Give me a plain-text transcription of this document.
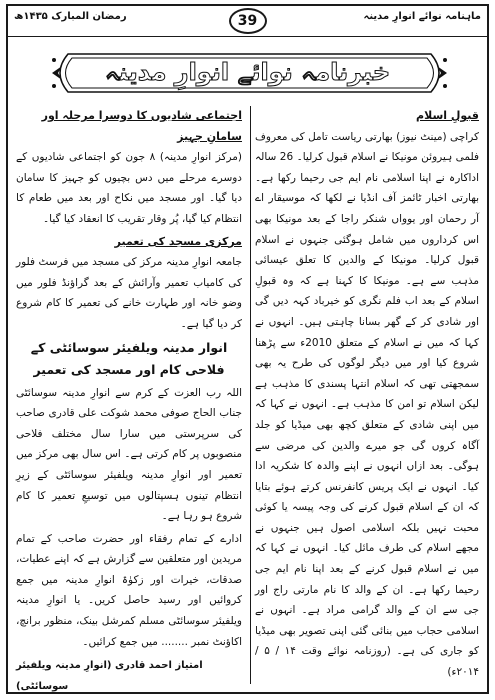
رمضان المبارک ۱۴۳۵ھ	39	ماہنامہ نوائے انوارِ مدینہ
خبرنامہ نوائے انوارِ مدینہ
قبولِ اسلام

کراچی (مینٹ نیوز) بھارتی ریاست تامل کی معروف فلمی ہیروئن مونیکا نے اسلام قبول کرلیا۔ 26 سالہ اداکارہ نے اپنا اسلامی نام ایم جی رحیما رکھا ہے۔ بھارتی اخبار ٹائمز آف انڈیا نے لکھا کہ موسیقار اے آر رحمان اور یوواں شنکر راجا کے بعد مونیکا بھی اس کرداروں میں شامل ہوگئی جنہوں نے اسلام قبول کرلیا۔ مونیکا کے والدین کا تعلق عیسائی مذہب سے ہے۔ مونیکا کا کہنا ہے کہ وہ قبولِ اسلام کے بعد اب فلم نگری کو خیرباد کہہ دیں گی اور شادی کر کے گھر بسانا چاہتی ہیں۔ انہوں نے کہا کہ میں نے اسلام کے متعلق 2010ء سے پڑھنا شروع کیا اور میں دیگر لوگوں کی طرح یہ بھی سمجھتی تھی کہ اسلام انتہا پسندی کا مذہب ہے لیکن اسلام تو امن کا مذہب ہے۔ انہوں نے کہا کہ میں اپنی شادی کے متعلق کچھ بھی میڈیا کو جلد آگاہ کروں گی جو میرے والدین کی مرضی سے ہوگی۔ بعد ازاں انہوں نے اپنے والدہ کا شکریہ ادا کیا۔ انہوں نے ایک پریس کانفرنس کرتے ہوئے بتایا کہ ان کے اسلام قبول کرنے کی وجہ پیسہ یا کوئی محبت نہیں بلکہ اسلامی اصول ہیں جنہوں نے مجھے اسلام کی طرف مائل کیا۔ انہوں نے کہا کہ میں نے اسلام قبول کرنے کے بعد اپنا نام ایم جی رحیما رکھا ہے۔ ان کے والد کا نام مارتی راج اور جی سے ان کے والد گرامی مراد ہے۔ انہوں نے اسلامی حجاب میں بنائی گئی اپنی تصویر بھی میڈیا کو جاری کی ہے۔ (روزنامہ نوائے وقت ۱۴ / ۵ / ۲۰۱۴ء)

اجتماعی شادیوں کا دوسرا مرحلہ اور سامانِ جہیز

(مرکز انوارِ مدینہ) ۸ جون کو اجتماعی شادیوں کے دوسرے مرحلے میں دس بچیوں کو جہیز کا سامان دیا گیا۔ اور مسجد میں نکاح اور بعد میں طعام کا انتظام کیا گیا، پُر وقار تقریب کا انعقاد کیا گیا۔

مرکزی مسجد کی تعمیر

جامعہ انوارِ مدینہ مرکز کی مسجد میں فرسٹ فلور کی کامیاب تعمیر وآرائش کے بعد گراؤنڈ فلور میں وضو خانہ اور طہارت خانے کی تعمیر کا کام شروع کر دیا گیا ہے۔

انوار مدینہ ویلفیئر سوسائٹی کے فلاحی کام اور مسجد کی تعمیر

اللہ رب العزت کے کرم سے انوارِ مدینہ سوسائٹی جناب الحاج صوفی محمد شوکت علی قادری صاحب کی سرپرستی میں سارا سال مختلف فلاحی منصوبوں پر کام کرتی ہے۔ اس سال بھی مرکز میں تعمیر اور انوارِ مدینہ ویلفیئر سوسائٹی کے زیرِ انتظام تینوں ہسپتالوں میں توسیعِ تعمیر کا کام شروع ہو رہا ہے۔

ادارے کے تمام رفقاء اور حضرت صاحب کے تمام مریدین اور متعلقین سے گزارش ہے کہ اپنے عطیات، صدقات، خیرات اور زکوٰۃ انوارِ مدینہ میں جمع کروائیں اور رسید حاصل کریں۔ یا انوارِ مدینہ ویلفیئر سوسائٹی مسلم کمرشل بینک، منظور برانچ، اکاؤنٹ نمبر ........ میں جمع کرائیں۔

امتیاز احمد قادری (انوارِ مدینہ ویلفیئر سوسائٹی)
